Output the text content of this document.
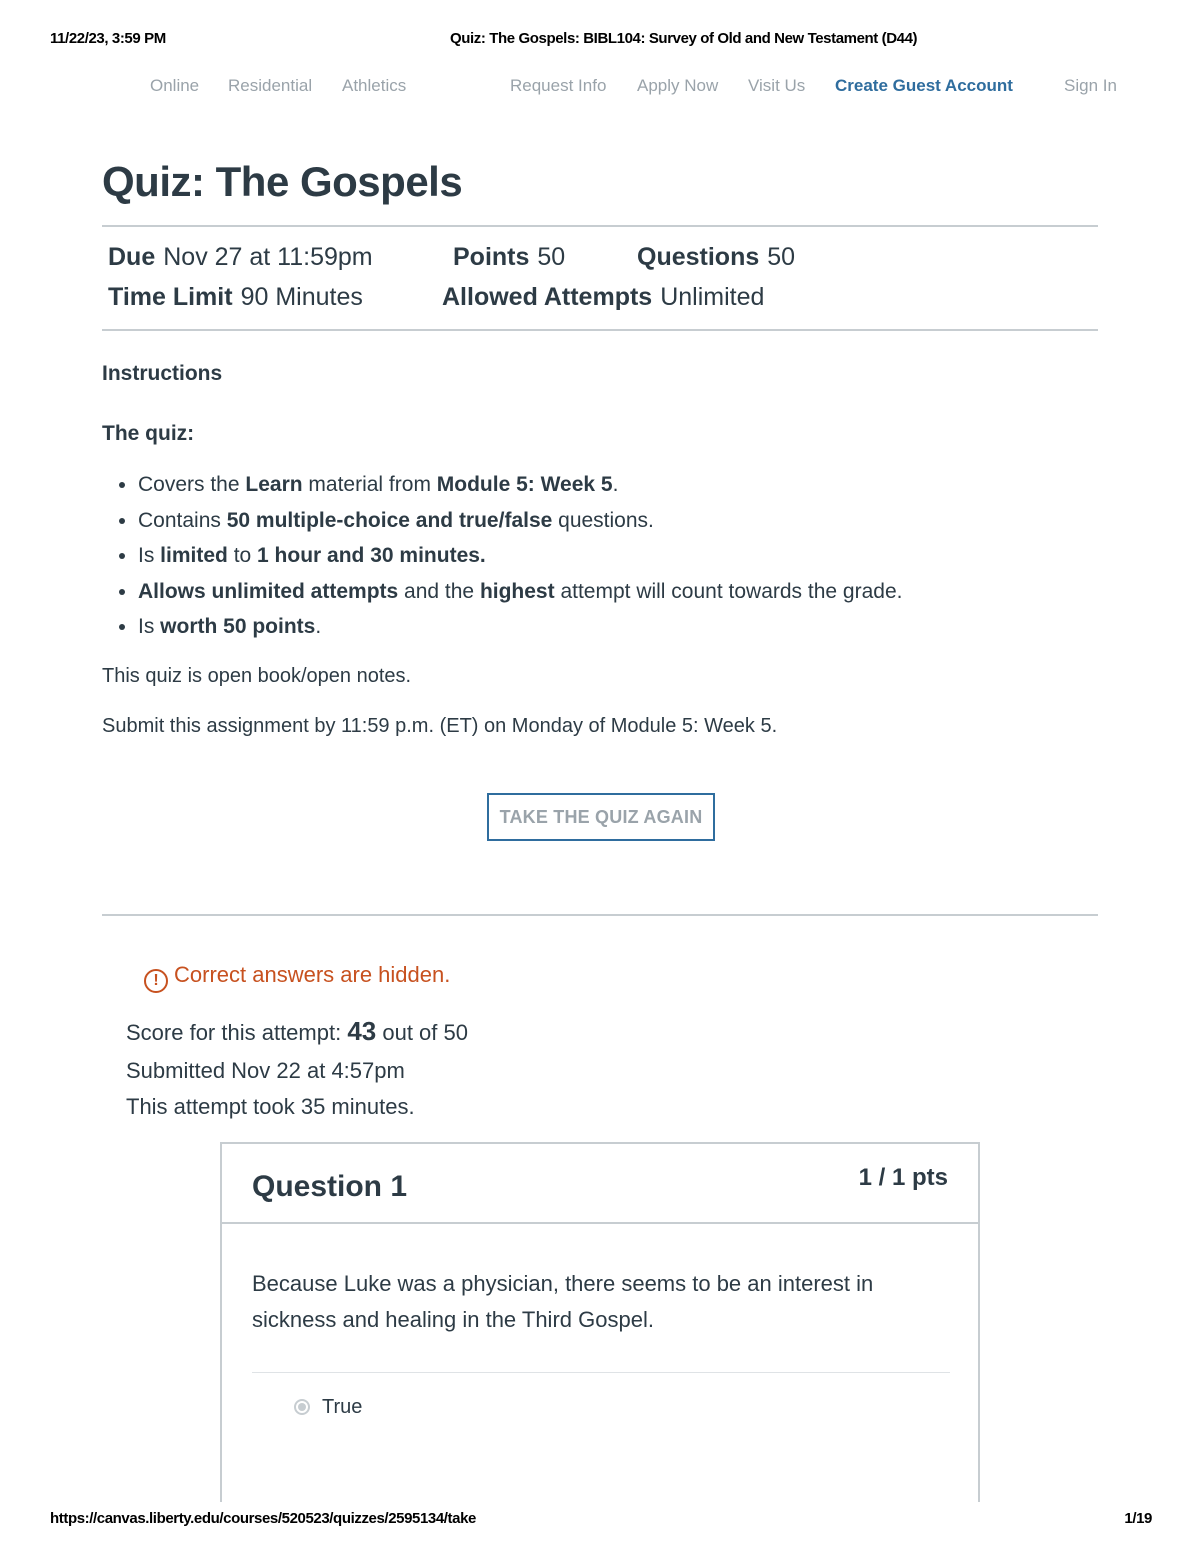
11/22/23, 3:59 PM	Quiz: The Gospels: BIBL104: Survey of Old and New Testament (D44)
Online Residential Athletics	Request Info Apply Now Visit Us Create Guest Account	Sign In
Quiz: The Gospels
Due Nov 27 at 11:59pm	Points 50	Questions 50
Time Limit 90 Minutes	Allowed Attempts Unlimited
Instructions
The quiz:
• Covers the Learn material from Module 5: Week 5.
• Contains 50 multiple-choice and true/false questions.
• Is limited to 1 hour and 30 minutes.
• Allows unlimited attempts and the highest attempt will count towards the grade.
• Is worth 50 points.
This quiz is open book/open notes.
Submit this assignment by 11:59 p.m. (ET) on Monday of Module 5: Week 5.
TAKE THE QUIZ AGAIN
! Correct answers are hidden.
Score for this attempt: 43 out of 50
Submitted Nov 22 at 4:57pm
This attempt took 35 minutes.
Question 1	1 / 1 pts
Because Luke was a physician, there seems to be an interest in sickness and healing in the Third Gospel.
True
https://canvas.liberty.edu/courses/520523/quizzes/2595134/take	1/19
